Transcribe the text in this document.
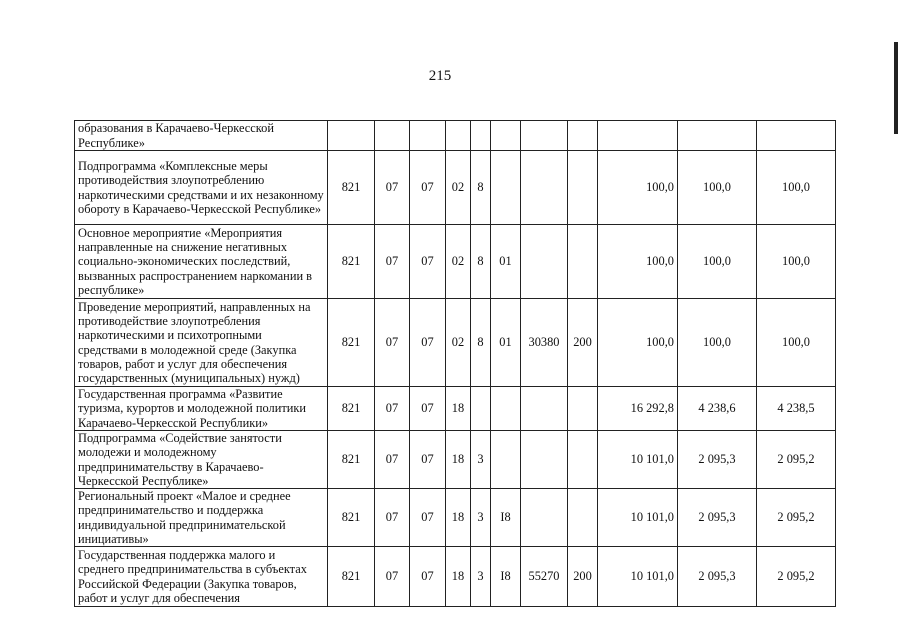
215
образования в Карачаево-Черкесской Республике»											
Подпрограмма «Комплексные меры противодействия злоупотреблению наркотическими средствами и их незаконному обороту в Карачаево-Черкесской Республике»	821	07	07	02	8				100,0	100,0	100,0
Основное мероприятие «Мероприятия направленные на снижение негативных социально-экономических последствий, вызванных распространением наркомании в республике»	821	07	07	02	8	01			100,0	100,0	100,0
Проведение мероприятий, направленных на противодействие злоупотребления наркотическими и психотропными средствами в молодежной среде (Закупка товаров, работ и услуг для обеспечения государственных (муниципальных) нужд)	821	07	07	02	8	01	30380	200	100,0	100,0	100,0
Государственная программа «Развитие туризма, курортов и молодежной политики Карачаево-Черкесской Республики»	821	07	07	18					16 292,8	4 238,6	4 238,5
Подпрограмма «Содействие занятости молодежи и молодежному предпринимательству в Карачаево-Черкесской Республике»	821	07	07	18	3				10 101,0	2 095,3	2 095,2
Региональный проект «Малое и среднее предпринимательство и поддержка индивидуальной предпринимательской инициативы»	821	07	07	18	3	I8			10 101,0	2 095,3	2 095,2
Государственная поддержка малого и среднего предпринимательства в субъектах Российской Федерации (Закупка товаров, работ и услуг для обеспечения	821	07	07	18	3	I8	55270	200	10 101,0	2 095,3	2 095,2
